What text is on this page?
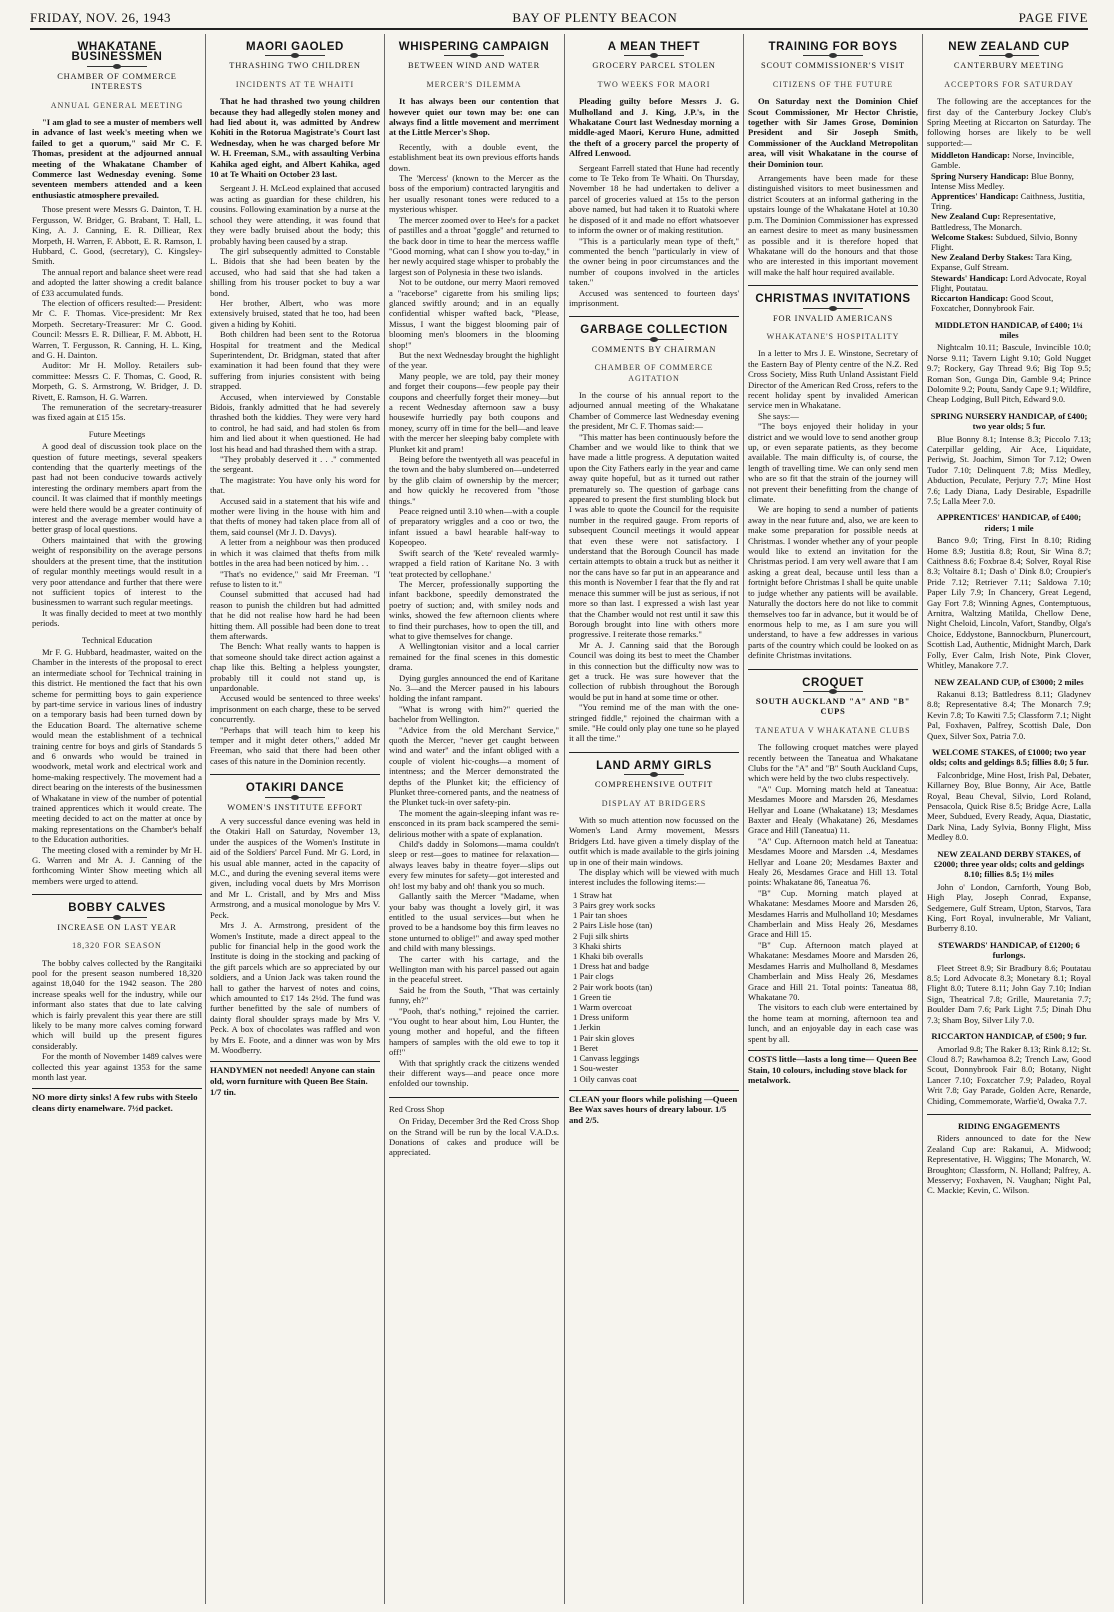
FRIDAY, NOV. 26, 1943	BAY OF PLENTY BEACON	PAGE FIVE
WHAKATANE BUSINESSMEN
CHAMBER OF COMMERCE INTERESTS
ANNUAL GENERAL MEETING

"I am glad to see a muster of members well in advance of last week's meeting when we failed to get a quorum," said Mr C. F. Thomas, president at the adjourned annual meeting of the Whakatane Chamber of Commerce last Wednesday evening. Some seventeen members attended and a keen enthusiastic atmosphere prevailed.

Those present were Messrs G. Dainton, T. H. Fergusson, W. Bridger, G. Brabant, T. Hall, L. King, A. J. Canning, E. R. Dilliear, Rex Morpeth, H. Warren, F. Abbott, E. R. Ramson, I. Hubbard, C. Good, (secretary), C. Kingsley-Smith.

The annual report and balance sheet were read and adopted the latter showing a credit balance of £33 accumulated funds.

The election of officers resulted:— President: Mr C. F. Thomas. Vice-president: Mr Rex Morpeth. Secretary-Treasurer: Mr C. Good. Council: Messrs E. R. Dilliear, F. M. Abbott, H. Warren, T. Fergusson, R. Canning, H. L. King, and G. H. Dainton.

Auditor: Mr H. Molloy. Retailers sub-committee: Messrs C. F. Thomas, C. Good, R. Morpeth, G. S. Armstrong, W. Bridger, J. D. Rivett, E. Ramson, H. G. Warren.

The remuneration of the secretary-treasurer was fixed again at £15 15s.

Future Meetings

A good deal of discussion took place on the question of future meetings, several speakers contending that the quarterly meetings of the past had not been conducive towards actively interesting the ordinary members apart from the council. It was claimed that if monthly meetings were held there would be a greater continuity of interest and the average member would have a better grasp of local questions.

Others maintained that with the growing weight of responsibility on the average persons shoulders at the present time, that the institution of regular monthly meetings would result in a very poor attendance and further that there were not sufficient topics of interest to the businessmen to warrant such regular meetings.

It was finally decided to meet at two monthly periods.

Technical Education

Mr F. G. Hubbard, headmaster, waited on the Chamber in the interests of the proposal to erect an intermediate school for Technical training in this district. He mentioned the fact that his own scheme for permitting boys to gain experience by part-time service in various lines of industry on a temporary basis had been turned down by the Education Board. The alternative scheme would mean the establishment of a technical training centre for boys and girls of Standards 5 and 6 onwards who would be trained in woodwork, metal work and electrical work and home-making respectively. The movement had a direct bearing on the interests of the businessmen of Whakatane in view of the number of potential trained apprentices which it would create. The meeting decided to act on the matter at once by making representations on the Chamber's behalf to the Education authorities.

The meeting closed with a reminder by Mr H. G. Warren and Mr A. J. Canning of the forthcoming Winter Show meeting which all members were urged to attend.

BOBBY CALVES
INCREASE ON LAST YEAR
18,320 FOR SEASON

The bobby calves collected by the Rangitaiki pool for the present season numbered 18,320 against 18,040 for the 1942 season. The 280 increase speaks well for the industry, while our informant also states that due to late calving which is fairly prevalent this year there are still likely to be many more calves coming forward which will build up the present figures considerably.

For the month of November 1489 calves were collected this year against 1353 for the same month last year.

NO more dirty sinks! A few rubs with Steelo cleans dirty enamelware. 7½d packet.
MAORI GAOLED
THRASHING TWO CHILDREN
INCIDENTS AT TE WHAITI

That he had thrashed two young children because they had allegedly stolen money and had lied about it, was admitted by Andrew Kohiti in the Rotorua Magistrate's Court last Wednesday, when he was charged before Mr W. H. Freeman, S.M., with assaulting Verbina Kahika aged eight, and Albert Kahika, aged 10 at Te Whaiti on October 23 last.

Sergeant J. H. McLeod explained that accused was acting as guardian for these children, his cousins. Following examination by a nurse at the school they were attending, it was found that they were badly bruised about the body; this probably having been caused by a strap.

The girl subsequently admitted to Constable L. Bidois that she had been beaten by the accused, who had said that she had taken a shilling from his trouser pocket to buy a war bond.

Her brother, Albert, who was more extensively bruised, stated that he too, had been given a hiding by Kohiti.

Both children had been sent to the Rotorua Hospital for treatment and the Medical Superintendent, Dr. Bridgman, stated that after examination it had been found that they were suffering from injuries consistent with being strapped.

Accused, when interviewed by Constable Bidois, frankly admitted that he had severely thrashed both the kiddies. They were very hard to control, he had said, and had stolen 6s from him and lied about it when questioned. He had lost his head and had thrashed them with a strap.

"They probably deserved it . . ." commented the sergeant.

The magistrate: You have only his word for that.

Accused said in a statement that his wife and mother were living in the house with him and that thefts of money had taken place from all of them, said counsel (Mr J. D. Davys).

A letter from a neighbour was then produced in which it was claimed that thefts from milk bottles in the area had been noticed by him. . .

"That's no evidence," said Mr Freeman. "I refuse to listen to it."

Counsel submitted that accused had had reason to punish the children but had admitted that he did not realise how hard he had been hitting them. All possible had been done to treat them afterwards.

The Bench: What really wants to happen is that someone should take direct action against a chap like this. Belting a helpless youngster, probably till it could not stand up, is unpardonable.

Accused would be sentenced to three weeks' imprisonment on each charge, these to be served concurrently.

"Perhaps that will teach him to keep his temper and it might deter others," added Mr Freeman, who said that there had been other cases of this nature in the Dominion recently.

OTAKIRI DANCE
WOMEN'S INSTITUTE EFFORT

A very successful dance evening was held in the Otakiri Hall on Saturday, November 13, under the auspices of the Women's Institute in aid of the Soldiers' Parcel Fund. Mr G. Lord, in his usual able manner, acted in the capacity of M.C., and during the evening several items were given, including vocal duets by Mrs Morrison and Mr L. Cristall, and by Mrs and Miss Armstrong, and a musical monologue by Mrs V. Peck.

Mrs J. A. Armstrong, president of the Women's Institute, made a direct appeal to the public for financial help in the good work the Institute is doing in the stocking and packing of the gift parcels which are so appreciated by our soldiers, and a Union Jack was taken round the hall to gather the harvest of notes and coins, which amounted to £17 14s 2½d. The fund was further benefitted by the sale of numbers of dainty floral shoulder sprays made by Mrs V. Peck. A box of chocolates was raffled and won by Mrs E. Foote, and a dinner was won by Mrs M. Woodberry.

HANDYMEN not needed! Anyone can stain old, worn furniture with Queen Bee Stain. 1/7 tin.
WHISPERING CAMPAIGN
BETWEEN WIND AND WATER
MERCER'S DILEMMA

It has always been our contention that however quiet our town may be: one can always find a little movement and merriment at the Little Mercer's Shop.

Recently, with a double event, the establishment beat its own previous efforts hands down.

The 'Mercess' (known to the Mercer as the boss of the emporium) contracted laryngitis and her usually resonant tones were reduced to a mysterious whisper.

The mercer zoomed over to Hee's for a packet of pastilles and a throat "goggle" and returned to the back door in time to hear the mercess waffle "Good morning, what can I show you to-day," in her newly acquired stage whisper to probably the largest son of Polynesia in these two islands.

Not to be outdone, our merry Maori removed a "raceborse" cigarette from his smiling lips; glanced swiftly around; and in an equally confidential whisper wafted back, "Please, Missus, I want the biggest blooming pair of blooming men's bloomers in the blooming shop!"

But the next Wednesday brought the highlight of the year.

Many people, we are told, pay their money and forget their coupons—few people pay their coupons and cheerfully forget their money—but a recent Wednesday afternoon saw a busy housewife hurriedly pay both coupons and money, scurry off in time for the bell—and leave with the mercer her sleeping baby complete with Plunket kit and pram!

Being before the twentyeth all was peaceful in the town and the baby slumbered on—undeterred by the glib claim of ownership by the mercer; and how quickly he recovered from "those things."

Peace reigned until 3.10 when—with a couple of preparatory wriggles and a coo or two, the infant issued a bawl hearable half-way to Kopeopeo.

Swift search of the 'Kete' revealed warmly-wrapped a field ration of Karitane No. 3 with 'teat protected by cellophane.'

The Mercer, professionally supporting the infant backbone, speedily demonstrated the poetry of suction; and, with smiley nods and winks, showed the few afternoon clients where to find their purchases, how to open the till, and what to give themselves for change.

A Wellingtonian visitor and a local carrier remained for the final scenes in this domestic drama.

Dying gurgles announced the end of Karitane No. 3—and the Mercer paused in his labours holding the infant rampant.

"What is wrong with him?" queried the bachelor from Wellington.

"Advice from the old Merchant Service," quoth the Mercer, "never get caught between wind and water" and the infant obliged with a couple of violent hic-coughs—a moment of intentness; and the Mercer demonstrated the depths of the Plunket kit; the efficiency of Plunket three-cornered pants, and the neatness of the Plunket tuck-in over safety-pin.

The moment the again-sleeping infant was re-ensconced in its pram back scampered the semi-delirious mother with a spate of explanation.

Child's daddy in Solomons—mama couldn't sleep or rest—goes to matinee for relaxation—always leaves baby in theatre foyer—slips out every few minutes for safety—got interested and oh! lost my baby and oh! thank you so much.

Gallantly saith the Mercer "Madame, when your baby was thought a lovely girl, it was entitled to the usual services—but when he proved to be a handsome boy this firm leaves no stone unturned to oblige!" and away sped mother and child with many blessings.

The carter with his cartage, and the Wellington man with his parcel passed out again in the peaceful street.

Said he from the South, "That was certainly funny, eh?"

"Pooh, that's nothing," rejoined the carrier. "You ought to hear about him, Lou Hunter, the young mother and hopeful, and the fifteen hampers of samples with the old ewe to top it off!"

With that sprightly crack the citizens wended their different ways—and peace once more enfolded our township.

Red Cross Shop

On Friday, December 3rd the Red Cross Shop on the Strand will be run by the local V.A.D.s. Donations of cakes and produce will be appreciated.

A MEAN THEFT
GROCERY PARCEL STOLEN
TWO WEEKS FOR MAORI

Pleading guilty before Messrs J. G. Mulholland and J. King, J.P.'s, in the Whakatane Court last Wednesday morning a middle-aged Maori, Keruro Hune, admitted the theft of a grocery parcel the property of Alfred Lenwood.

Sergeant Farrell stated that Hune had recently come to Te Teko from Te Whaiti. On Thursday, November 18 he had undertaken to deliver a parcel of groceries valued at 15s to the person above named, but had taken it to Ruatoki where he disposed of it and made no effort whatsoever to inform the owner or of making restitution.

"This is a particularly mean type of theft," commented the bench "particularly in view of the owner being in poor circumstances and the number of coupons involved in the articles taken."

Accused was sentenced to fourteen days' imprisonment.

GARBAGE COLLECTION
COMMENTS BY CHAIRMAN
CHAMBER OF COMMERCE AGITATION

In the course of his annual report to the adjourned annual meeting of the Whakatane Chamber of Commerce last Wednesday evening the president, Mr C. F. Thomas said:—

"This matter has been continuously before the Chamber and we would like to think that we have made a little progress. A deputation waited upon the City Fathers early in the year and came away quite hopeful, but as it turned out rather prematurely so. The question of garbage cans appeared to present the first stumbling block but I was able to quote the Council for the requisite number in the required gauge. From reports of subsequent Council meetings it would appear that even these were not satisfactory. I understand that the Borough Council has made certain attempts to obtain a truck but as neither it nor the cans have so far put in an appearance and this month is November I fear that the fly and rat menace this summer will be just as serious, if not more so than last. I expressed a wish last year that the Chamber would not rest until it saw this Borough brought into line with others more progressive. I reiterate those remarks."

Mr A. J. Canning said that the Borough Council was doing its best to meet the Chamber in this connection but the difficulty now was to get a truck. He was sure however that the collection of rubbish throughout the Borough would be put in hand at some time or other.

"You remind me of the man with the one-stringed fiddle," rejoined the chairman with a smile. "He could only play one tune so he played it all the time."

LAND ARMY GIRLS
COMPREHENSIVE OUTFIT
DISPLAY AT BRIDGERS

With so much attention now focussed on the Women's Land Army movement, Messrs Bridgers Ltd. have given a timely display of the outfit which is made available to the girls joining up in one of their main windows.

The display which will be viewed with much interest includes the following items:—

1 Straw hat
3 Pairs grey work socks
1 Pair tan shoes
2 Pairs Lisle hose (tan)
2 Fuji silk shirts
3 Khaki shirts
1 Khaki bib overalls
1 Dress hat and badge
1 Pair clogs
2 Pair work boots (tan)
1 Green tie
1 Warm overcoat
1 Dress uniform
1 Jerkin
1 Pair skin gloves
1 Beret
1 Canvass leggings
1 Sou-wester
1 Oily canvas coat
CLEAN your floors while polishing —Queen Bee Wax saves hours of dreary labour. 1/5 and 2/5.
TRAINING FOR BOYS
SCOUT COMMISSIONER'S VISIT
CITIZENS OF THE FUTURE

On Saturday next the Dominion Chief Scout Commissioner, Mr Hector Christie, together with Sir James Grose, Dominion President and Sir Joseph Smith, Commissioner of the Auckland Metropolitan area, will visit Whakatane in the course of their Dominion tour.

Arrangements have been made for these distinguished visitors to meet businessmen and district Scouters at an informal gathering in the upstairs lounge of the Whakatane Hotel at 10.30 p.m. The Dominion Commissioner has expressed an earnest desire to meet as many businessmen as possible and it is therefore hoped that Whakatane will do the honours and that those who are interested in this important movement will make the half hour required available.

CHRISTMAS INVITATIONS
FOR INVALID AMERICANS
WHAKATANE'S HOSPITALITY

In a letter to Mrs J. E. Winstone, Secretary of the Eastern Bay of Plenty centre of the N.Z. Red Cross Society, Miss Ruth Unland Assistant Field Director of the American Red Cross, refers to the recent holiday spent by invalided American service men in Whakatane.

She says:—

"The boys enjoyed their holiday in your district and we would love to send another group up, or even separate patients, as they become available. The main difficulty is, of course, the length of travelling time. We can only send men who are so fit that the strain of the journey will not prevent their benefitting from the change of climate.

We are hoping to send a number of patients away in the near future and, also, we are keen to make some preparation for possible needs at Christmas. I wonder whether any of your people would like to extend an invitation for the Christmas period. I am very well aware that I am asking a great deal, because until less than a fortnight before Christmas I shall be quite unable to judge whether any patients will be available. Naturally the doctors here do not like to commit themselves too far in advance, but it would be of enormous help to me, as I am sure you will understand, to have a few addresses in various parts of the country which could be looked on as definite Christmas invitations.

CROQUET
SOUTH AUCKLAND "A" AND "B" CUPS
TANEATUA V WHAKATANE CLUBS

The following croquet matches were played recently between the Taneatua and Whakatane Clubs for the "A" and "B" South Auckland Cups, which were held by the two clubs respectively.

"A" Cup. Morning match held at Taneatua: Mesdames Moore and Marsden 26, Mesdames Hellyar and Loane (Whakatane) 13; Mesdames Baxter and Healy (Whakatane) 26, Mesdames Grace and Hill (Taneatua) 11.

"A" Cup. Afternoon match held at Taneatua: Mesdames Moore and Marsden ..4, Mesdames Hellyar and Loane 20; Mesdames Baxter and Healy 26, Mesdames Grace and Hill 13. Total points: Whakatane 86, Taneatua 76.

"B" Cup. Morning match played at Whakatane: Mesdames Moore and Marsden 26, Mesdames Harris and Mulholland 10; Mesdames Chamberlain and Miss Healy 26, Mesdames Grace and Hill 15.

"B" Cup. Afternoon match played at Whakatane: Mesdames Moore and Marsden 26, Mesdames Harris and Mulholland 8, Mesdames Chamberlain and Miss Healy 26, Mesdames Grace and Hill 21. Total points: Taneatua 88, Whakatane 70.

The visitors to each club were entertained by the home team at morning, afternoon tea and lunch, and an enjoyable day in each case was spent by all.

COSTS little—lasts a long time— Queen Bee Stain, 10 colours, including stove black for metalwork.
NEW ZEALAND CUP
CANTERBURY MEETING
ACCEPTORS FOR SATURDAY

The following are the acceptances for the first day of the Canterbury Jockey Club's Spring Meeting at Riccarton on Saturday. The following horses are likely to be well supported:—

Middleton Handicap: Norse, Invincible, Gamble.
Spring Nursery Handicap: Blue Bonny, Intense Miss Medley.
Apprentices' Handicap: Caithness, Justitia, Tring.
New Zealand Cup: Representative, Battledress, The Monarch.
Welcome Stakes: Subdued, Silvio, Bonny Flight.
New Zealand Derby Stakes: Tara King, Expanse, Gulf Stream.
Stewards' Handicap: Lord Advocate, Royal Flight, Poutatau.
Riccarton Handicap: Good Scout, Foxcatcher, Donnybrook Fair.
MIDDLETON HANDICAP, of £400; 1¼ miles

Nightcalm 10.11; Bascule, Invincible 10.0; Norse 9.11; Tavern Light 9.10; Gold Nugget 9.7; Rockery, Gay Thread 9.6; Big Top 9.5; Roman Son, Gunga Din, Gamble 9.4; Prince Dolomite 9.2; Poutu, Sandy Cape 9.1; Wildfire, Cheap Lodging, Bull Pitch, Edward 9.0.

SPRING NURSERY HANDICAP, of £400; two year olds; 5 fur.

Blue Bonny 8.1; Intense 8.3; Piccolo 7.13; Caterpillar gelding, Air Ace, Liquidate, Periwig, St. Joachim, Simon Tor 7.12; Owen Tudor 7.10; Delinquent 7.8; Miss Medley, Abduction, Peculate, Perjury 7.7; Mine Host 7.6; Lady Diana, Lady Desirable, Espadrille 7.5; Lalla Meer 7.0.

APPRENTICES' HANDICAP, of £400; riders; 1 mile

Banco 9.0; Tring, First In 8.10; Riding Home 8.9; Justitia 8.8; Rout, Sir Wina 8.7; Caithness 8.6; Foxbrae 8.4; Solver, Royal Rise 8.3; Voltaire 8.1; Dash o' Dink 8.0; Croupier's Pride 7.12; Retriever 7.11; Saldowa 7.10; Paper Lily 7.9; In Chancery, Great Legend, Gay Fort 7.8; Winning Agnes, Contemptuous, Arnitra, Waltzing Matilda, Chellow Dene, Night Cheloid, Lincoln, Vafort, Standby, Olga's Choice, Eddystone, Bannockburn, Plunercourt, Scottish Lad, Authentic, Midnight March, Dark Folly, Ever Calm, Irish Note, Pink Clover, Whitley, Manakore 7.7.

NEW ZEALAND CUP, of £3000; 2 miles

Rakanui 8.13; Battledress 8.11; Gladynev 8.8; Representative 8.4; The Monarch 7.9; Kevin 7.8; To Kawiti 7.5; Classform 7.1; Night Pal, Foxhaven, Palfrey, Scottish Dale, Don Quex, Silver Sox, Patria 7.0.

WELCOME STAKES, of £1000; two year olds; colts and geldings 8.5; fillies 8.0; 5 fur.

Falconbridge, Mine Host, Irish Pal, Debater, Killarney Boy, Blue Bonny, Air Ace, Battle Royal, Beau Cheval, Silvio, Lord Roland, Pensacola, Quick Rise 8.5; Bridge Acre, Lalla Meer, Subdued, Every Ready, Aqua, Diastatic, Dark Nina, Lady Sylvia, Bonny Flight, Miss Medley 8.0.

NEW ZEALAND DERBY STAKES, of £2000; three year olds; colts and geldings 8.10; fillies 8.5; 1½ miles

John o' London, Carnforth, Young Bob, High Play, Joseph Conrad, Expanse, Sedgemere, Gulf Stream, Upton, Starvos, Tara King, Fort Royal, invulnerable, Mr Valiant, Burberry 8.10.

STEWARDS' HANDICAP, of £1200; 6 furlongs.

Fleet Street 8.9; Sir Bradbury 8.6; Poutatau 8.5; Lord Advocate 8.3; Monetary 8.1; Royal Flight 8.0; Tutere 8.11; John Gay 7.10; Indian Sign, Theatrical 7.8; Grille, Mauretania 7.7; Boulder Dam 7.6; Park Light 7.5; Dinah Dhu 7.3; Sham Boy, Silver Lily 7.0.

RICCARTON HANDICAP, of £500; 9 fur.

Amorlad 9.8; The Raker 8.13; Rink 8.12; St. Cloud 8.7; Rawhamoa 8.2; Trench Law, Good Scout, Donnybrook Fair 8.0; Botany, Night Lancer 7.10; Foxcatcher 7.9; Paladeo, Royal Writ 7.8; Gay Parade, Golden Acre, Renarde, Chiding, Commemorate, Warfie'd, Owaka 7.7.

RIDING ENGAGEMENTS

Riders announced to date for the New Zealand Cup are: Rakanui, A. Midwood; Representative, H. Wiggins; The Monarch, W. Broughton; Classform, N. Holland; Palfrey, A. Messervy; Foxhaven, N. Vaughan; Night Pal, C. Mackie; Kevin, C. Wilson.
